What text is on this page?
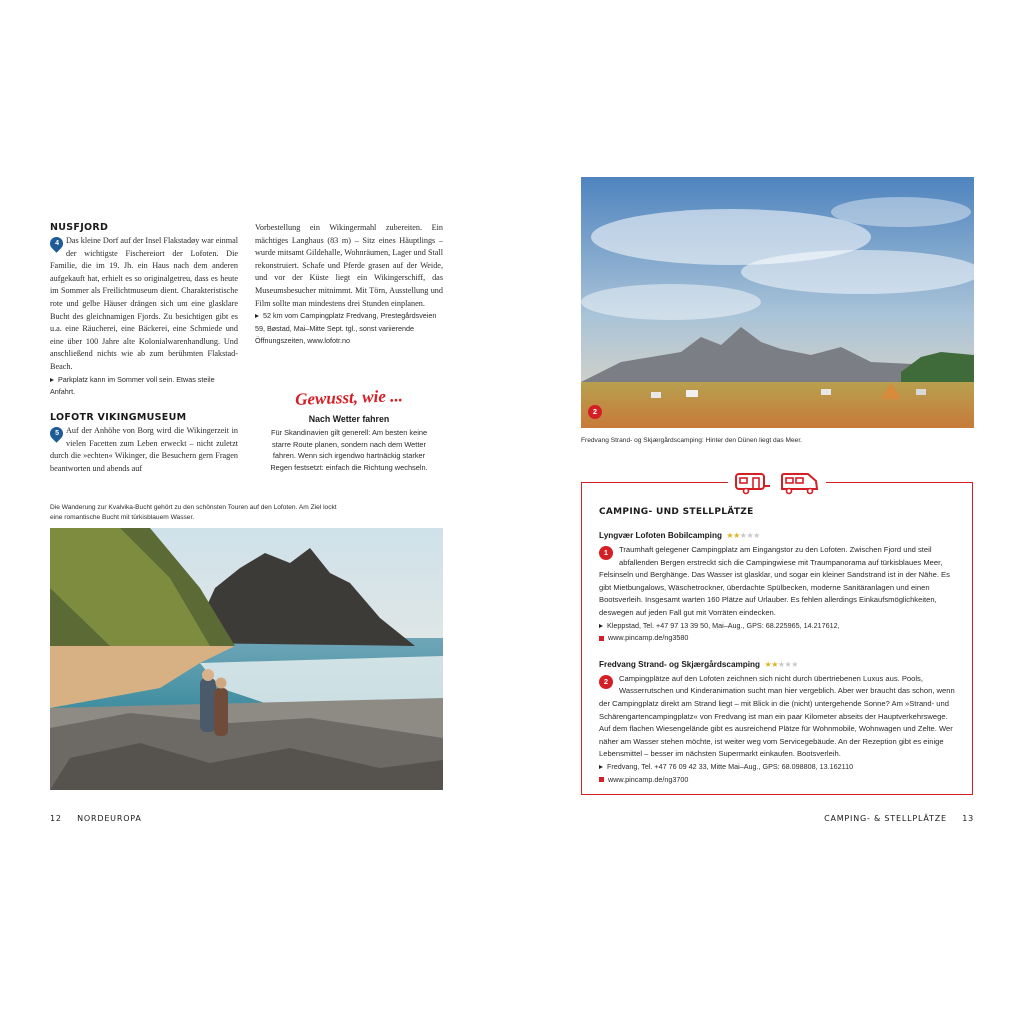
NUSFJORD
4 Das kleine Dorf auf der Insel Flakstadøy war einmal der wichtigste Fischereiort der Lofoten. Die Familie, die im 19. Jh. ein Haus nach dem anderen aufgekauft hat, erhielt es so originalgetreu, dass es heute im Sommer als Freilichtmuseum dient. Charakteristische rote und gelbe Häuser drängen sich um eine glasklare Bucht des gleichnamigen Fjords. Zu besichtigen gibt es u.a. eine Räucherei, eine Bäckerei, eine Schmiede und eine über 100 Jahre alte Kolonialwarenhandlung. Und anschließend nichts wie ab zum berühmten Flakstad-Beach.
Parkplatz kann im Sommer voll sein. Etwas steile Anfahrt.
LOFOTR VIKINGMUSEUM
5 Auf der Anhöhe von Borg wird die Wikingerzeit in vielen Facetten zum Leben erweckt – nicht zuletzt durch die »echten« Wikinger, die Besuchern gern Fragen beantworten und abends auf
Vorbestellung ein Wikingermahl zubereiten. Ein mächtiges Langhaus (83 m) – Sitz eines Häuptlings – wurde mitsamt Gildehalle, Wohnräumen, Lager und Stall rekonstruiert. Schafe und Pferde grasen auf der Weide, und vor der Küste liegt ein Wikingerschiff, das Museumsbesucher mitnimmt. Mit Törn, Ausstellung und Film sollte man mindestens drei Stunden einplanen.
52 km vom Campingplatz Fredvang, Prestegårdsveien 59, Bøstad, Mai–Mitte Sept. tgl., sonst variierende Öffnungszeiten, www.lofotr.no
Gewusst, wie ...
Nach Wetter fahren
Für Skandinavien gilt generell: Am besten keine starre Route planen, sondern nach dem Wetter fahren. Wenn sich irgendwo hartnäckig starker Regen festsetzt: einfach die Richtung wechseln.
Die Wanderung zur Kvalvika-Bucht gehört zu den schönsten Touren auf den Lofoten. Am Ziel lockt eine romantische Bucht mit türkisblauem Wasser.
12 NORDEUROPA
2
Fredvang Strand- og Skjærgårdscamping: Hinter den Dünen liegt das Meer.
CAMPING- UND STELLPLÄTZE
Lyngvær Lofoten Bobilcamping ★★★★★
1	Traumhaft gelegener Campingplatz am Eingangstor zu den Lofoten. Zwischen Fjord und steil abfallenden Bergen erstreckt sich die Campingwiese mit Traumpanorama auf türkisblaues Meer, Felsinseln und Berghänge. Das Wasser ist glasklar, und sogar ein kleiner Sandstrand ist in der Nähe. Es gibt Mietbungalows, Wäschetrockner, überdachte Spülbecken, moderne Sanitäranlagen und einen Bootsverleih. Insgesamt warten 160 Plätze auf Urlauber. Es fehlen allerdings Einkaufsmöglichkeiten, deswegen auf jeden Fall gut mit Vorräten eindecken.
Kleppstad, Tel. +47 97 13 39 50, Mai–Aug., GPS: 68.225965, 14.217612,
www.pincamp.de/ng3580
Fredvang Strand- og Skjærgårdscamping ★★★★★
2	Campingplätze auf den Lofoten zeichnen sich nicht durch übertriebenen Luxus aus. Pools, Wasserrutschen und Kinderanimation sucht man hier vergeblich. Aber wer braucht das schon, wenn der Campingplatz direkt am Strand liegt – mit Blick in die (nicht) untergehende Sonne? Am »Strand- und Schärengartencampingplatz« von Fredvang ist man ein paar Kilometer abseits der Hauptverkehrswege. Auf dem flachen Wiesengelände gibt es ausreichend Plätze für Wohnmobile, Wohnwagen und Zelte. Wer näher am Wasser stehen möchte, ist weiter weg vom Servicegebäude. An der Rezeption gibt es einige Lebensmittel – besser im nächsten Supermarkt einkaufen. Bootsverleih.
Fredvang, Tel. +47 76 09 42 33, Mitte Mai–Aug., GPS: 68.098808, 13.162110
www.pincamp.de/ng3700
CAMPING- & STELLPLÄTZE 13
